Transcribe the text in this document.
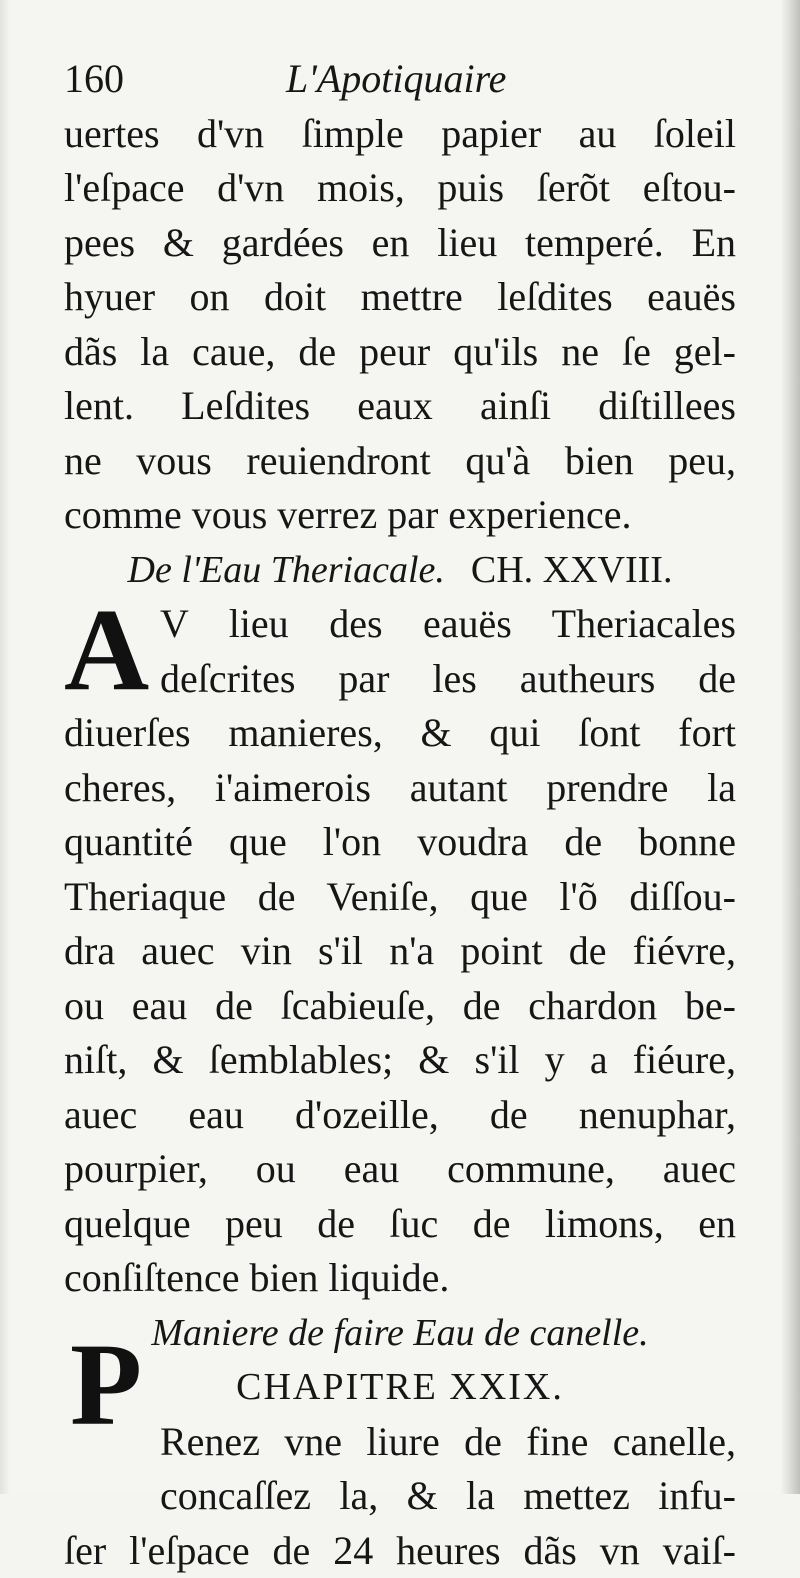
160	L'Apotiquaire
uertes d'vn ſimple papier au ſoleil
l'eſpace d'vn mois, puis ſerõt eſtou-
pees & gardées en lieu temperé. En
hyuer on doit mettre leſdites eauës
dãs la caue, de peur qu'ils ne ſe gel-
lent. Leſdites eaux ainſi diſtillees
ne vous reuiendront qu'à bien peu,
comme vous verrez par experience.
De l'Eau Theriacale. CH. XXVIII.
V lieu des eauës Theriacales
deſcrites par les autheurs de
diuerſes manieres, & qui ſont fort
cheres, i'aimerois autant prendre la
quantité que l'on voudra de bonne
Theriaque de Veniſe, que l'õ diſſou-
dra auec vin s'il n'a point de fiévre,
ou eau de ſcabieuſe, de chardon be-
niſt, & ſemblables; & s'il y a fiéure,
auec eau d'ozeille, de nenuphar,
pourpier, ou eau commune, auec
quelque peu de ſuc de limons, en
conſiſtence bien liquide.
Maniere de faire Eau de canelle.
CHAPITRE XXIX.
Renez vne liure de fine canelle,
concaſſez la, & la mettez infu-
ſer l'eſpace de 24 heures dãs vn vaiſ-
A
P
